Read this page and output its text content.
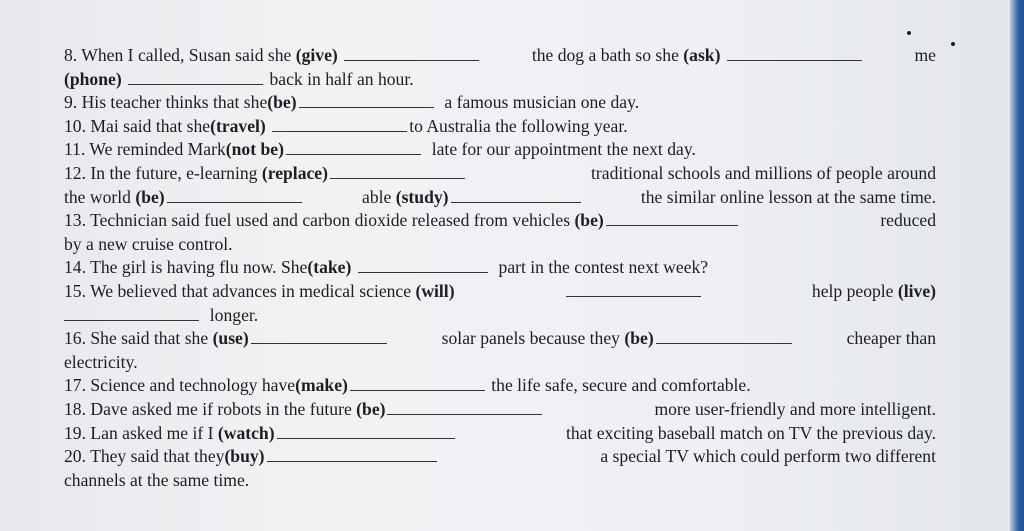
8. When I called, Susan said she (give)	the dog a bath so she (ask)	me
(phone)

	back in half an hour.
9. His teacher thinks that she (be)
	a famous musician one day.
10. Mai said that she (travel)
	to Australia the following year.
11. We reminded Mark (not be)
	late for our appointment the next day.
12. In the future, e-learning (replace)	traditional schools and millions of people around
the world (be)	able (study)	the similar online lesson at the same time.
13. Technician said fuel used and carbon dioxide released from vehicles (be)	reduced
by a new cruise control.
14. The girl is having flu now. She (take)

	part in the contest next week?
15. We believed that advances in medical science (will)	help people (live)

longer.
16. She said that she (use)	solar panels because they (be)	cheaper than
electricity.
17. Science and technology have (make)
	the life safe, secure and comfortable.
18. Dave asked me if robots in the future (be)	more user-friendly and more intelligent.
19. Lan asked me if I (watch)	that exciting baseball match on TV the previous day.
20. They said that they(buy)	a special TV which could perform two different
channels at the same time.
